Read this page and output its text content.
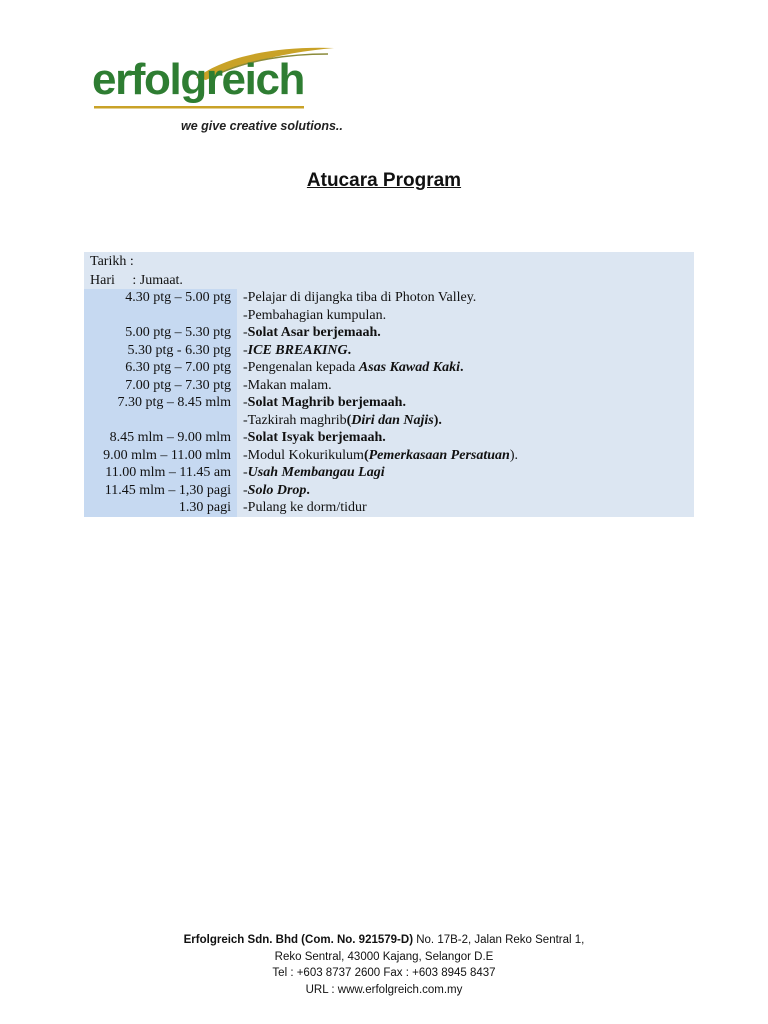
erfolgreich
we give creative solutions..
Atucara Program
Tarikh :	
Hari     : Jumaat.	
4.30 ptg – 5.00 ptg	-Pelajar di dijangka tiba di Photon Valley.
	-Pembahagian kumpulan.
5.00 ptg – 5.30 ptg	-Solat Asar berjemaah.
5.30 ptg - 6.30 ptg	-ICE BREAKING.
6.30 ptg – 7.00 ptg	-Pengenalan kepada Asas Kawad Kaki.
7.00 ptg – 7.30 ptg	-Makan malam.
7.30 ptg – 8.45 mlm	-Solat Maghrib berjemaah.
	-Tazkirah maghrib(Diri dan Najis).
8.45 mlm – 9.00 mlm	-Solat Isyak berjemaah.
9.00 mlm – 11.00 mlm	-Modul Kokurikulum(Pemerkasaan Persatuan).
11.00 mlm – 11.45 am	-Usah Membangau Lagi
11.45 mlm – 1,30 pagi	-Solo Drop.
1.30 pagi	-Pulang ke dorm/tidur
Erfolgreich Sdn. Bhd (Com. No. 921579-D) No. 17B-2, Jalan Reko Sentral 1,
Reko Sentral, 43000 Kajang, Selangor D.E
Tel : +603 8737 2600 Fax : +603 8945 8437
URL : www.erfolgreich.com.my
